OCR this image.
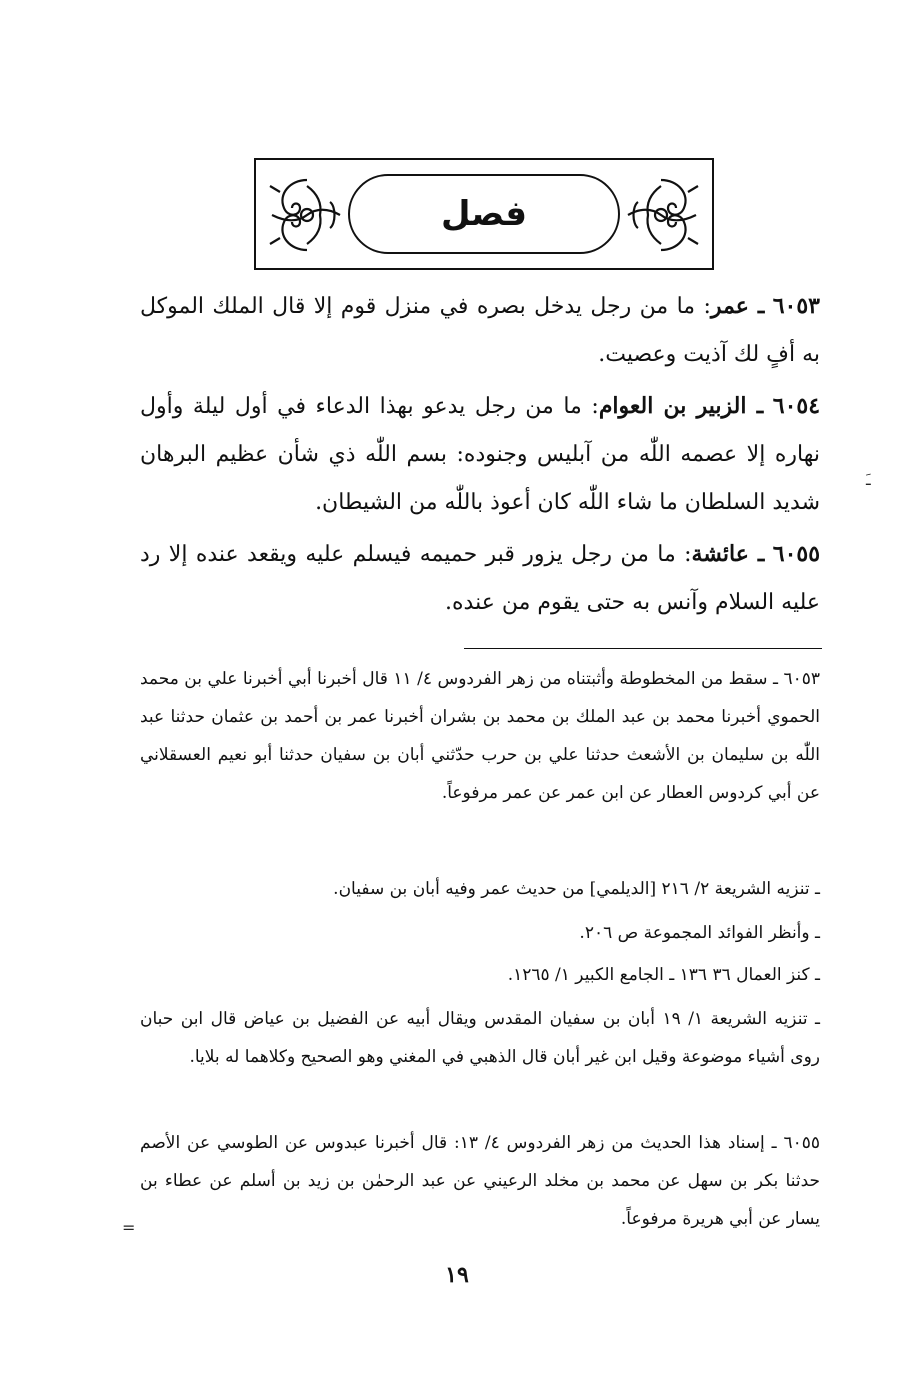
فصل

٦٠٥٣ ـ عمر: ما من رجل يدخل بصره في منزل قوم إلا قال الملك الموكل به أفٍ لك آذيت وعصيت.

٦٠٥٤ ـ الزبير بن العوام: ما من رجل يدعو بهذا الدعاء في أول ليلة وأول نهاره إلا عصمه اللّٰه من آبليس وجنوده: بسم اللّٰه ذي شأن عظيم البرهان شديد السلطان ما شاء اللّٰه كان أعوذ باللّٰه من الشيطان.

٦٠٥٥ ـ عائشة: ما من رجل يزور قبر حميمه فيسلم عليه ويقعد عنده إلا رد عليه السلام وآنس به حتى يقوم من عنده.

٦٠٥٣ ـ سقط من المخطوطة وأثبتناه من زهر الفردوس ٤/ ١١ قال أخبرنا أبي أخبرنا علي بن محمد الحموي أخبرنا محمد بن عبد الملك بن محمد بن بشران أخبرنا عمر بن أحمد بن عثمان حدثنا عبد اللّٰه بن سليمان بن الأشعث حدثنا علي بن حرب حدّثني أبان بن سفيان حدثنا أبو نعيم العسقلاني عن أبي كردوس العطار عن ابن عمر عن عمر مرفوعاً.

ـ تنزيه الشريعة ٢/ ٢١٦ [الديلمي] من حديث عمر وفيه أبان بن سفيان.

ـ وأنظر الفوائد المجموعة ص ٢٠٦.

ـ كنز العمال ٣٦ ١٣٦ ـ الجامع الكبير ١/ ١٢٦٥.

ـ تنزيه الشريعة ١/ ١٩ أبان بن سفيان المقدس ويقال أبيه عن الفضيل بن عياض قال ابن حبان روى أشياء موضوعة وقيل ابن غير أبان قال الذهبي في المغني وهو الصحيح وكلاهما له بلايا.

٦٠٥٥ ـ إسناد هذا الحديث من زهر الفردوس ٤/ ١٣: قال أخبرنا عبدوس عن الطوسي عن الأصم حدثنا بكر بن سهل عن محمد بن مخلد الرعيني عن عبد الرحمٰن بن زيد بن أسلم عن عطاء بن يسار عن أبي هريرة مرفوعاً.

ـَ
=
١٩
